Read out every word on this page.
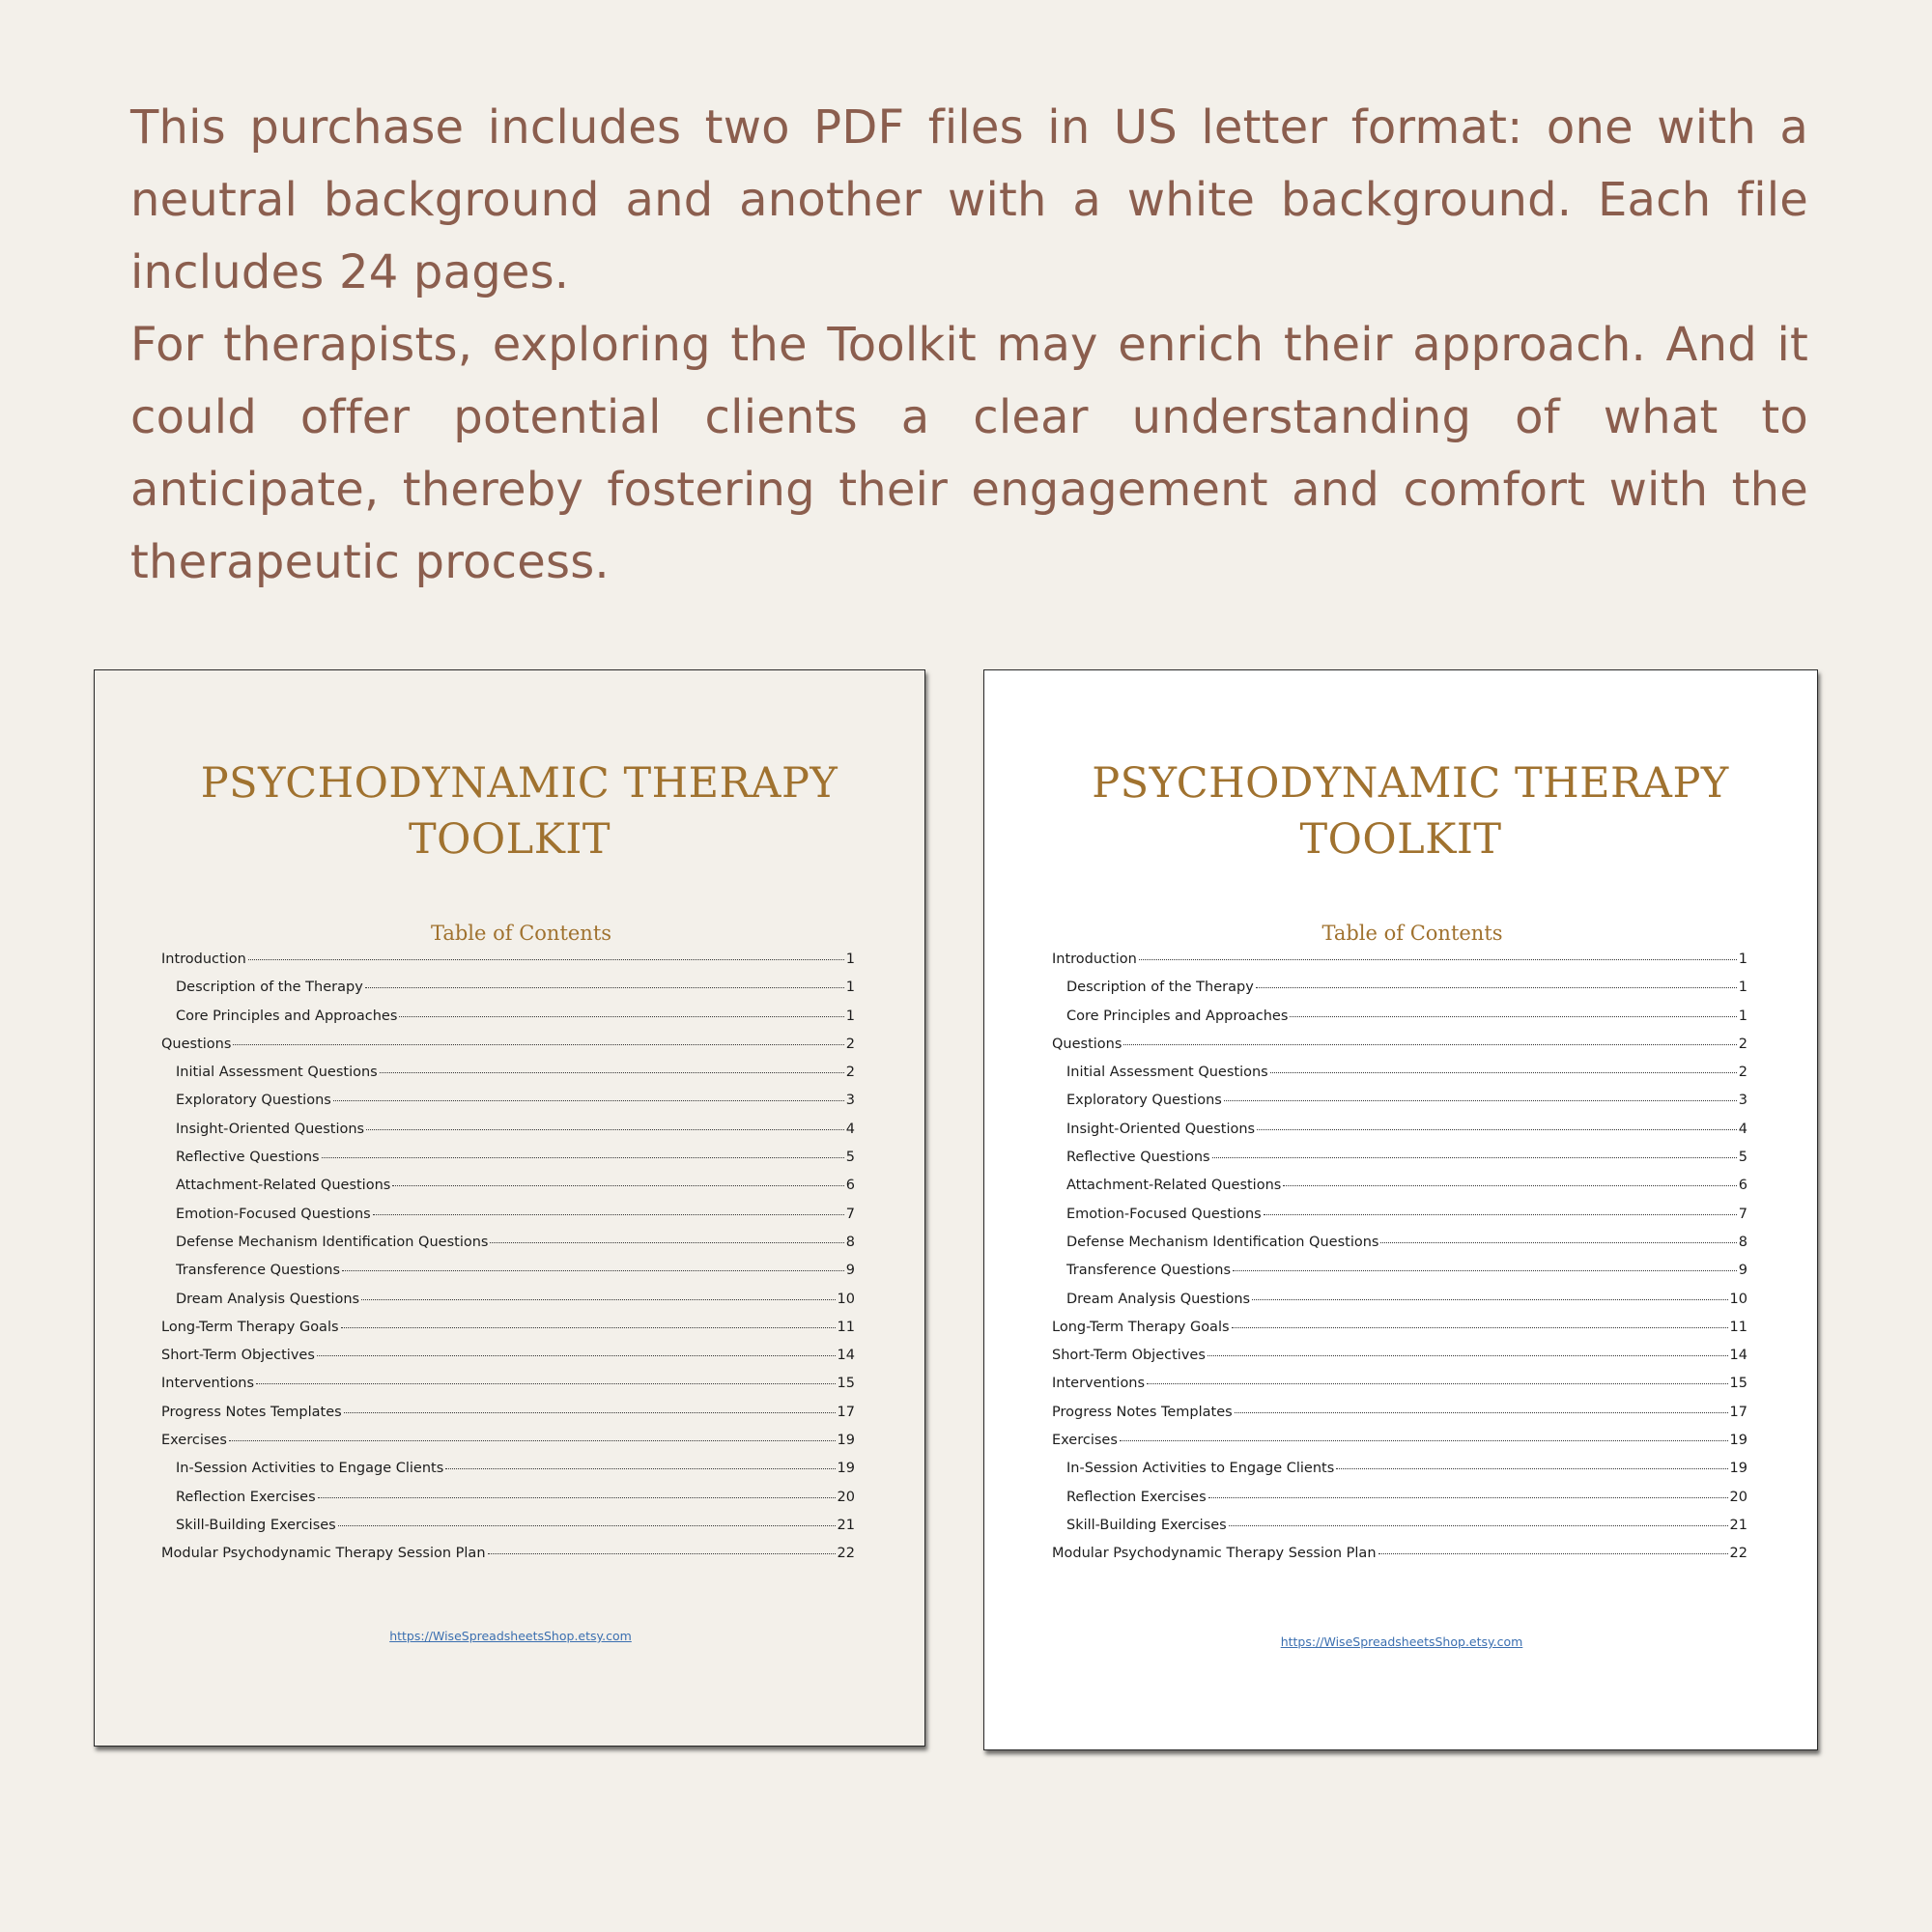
This purchase includes two PDF files in US letter format: one with a neutral background and another with a white background. Each file includes 24 pages.

For therapists, exploring the Toolkit may enrich their approach. And it could offer potential clients a clear understanding of what to anticipate, thereby fostering their engagement and comfort with the therapeutic process.

PSYCHODYNAMIC THERAPY
TOOLKIT
Table of Contents
Introduction	1
Description of the Therapy	1
Core Principles and Approaches	1
Questions	2
Initial Assessment Questions	2
Exploratory Questions	3
Insight-Oriented Questions	4
Reflective Questions	5
Attachment-Related Questions	6
Emotion-Focused Questions	7
Defense Mechanism Identification Questions	8
Transference Questions	9
Dream Analysis Questions	10
Long-Term Therapy Goals	11
Short-Term Objectives	14
Interventions	15
Progress Notes Templates	17
Exercises	19
In-Session Activities to Engage Clients	19
Reflection Exercises	20
Skill-Building Exercises	21
Modular Psychodynamic Therapy Session Plan	22
https://WiseSpreadsheetsShop.etsy.com
PSYCHODYNAMIC THERAPY
TOOLKIT
Table of Contents
Introduction	1
Description of the Therapy	1
Core Principles and Approaches	1
Questions	2
Initial Assessment Questions	2
Exploratory Questions	3
Insight-Oriented Questions	4
Reflective Questions	5
Attachment-Related Questions	6
Emotion-Focused Questions	7
Defense Mechanism Identification Questions	8
Transference Questions	9
Dream Analysis Questions	10
Long-Term Therapy Goals	11
Short-Term Objectives	14
Interventions	15
Progress Notes Templates	17
Exercises	19
In-Session Activities to Engage Clients	19
Reflection Exercises	20
Skill-Building Exercises	21
Modular Psychodynamic Therapy Session Plan	22
https://WiseSpreadsheetsShop.etsy.com
